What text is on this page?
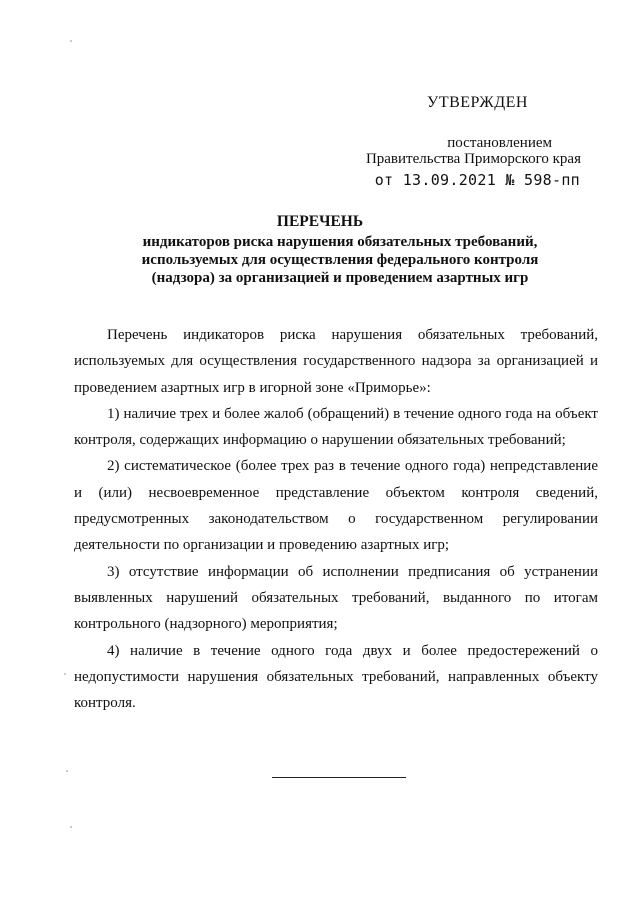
УТВЕРЖДЕН
постановлением
Правительства Приморского края
от 13.09.2021 № 598-пп
ПЕРЕЧЕНЬ
индикаторов риска нарушения обязательных требований, используемых для осуществления федерального контроля (надзора) за организацией и проведением азартных игр

Перечень индикаторов риска нарушения обязательных требований, используемых для осуществления государственного надзора за организацией и проведением азартных игр в игорной зоне «Приморье»:

1) наличие трех и более жалоб (обращений) в течение одного года на объект контроля, содержащих информацию о нарушении обязательных требований;

2) систематическое (более трех раз в течение одного года) непредставление и (или) несвоевременное представление объектом контроля сведений, предусмотренных законодательством о государственном регулировании деятельности по организации и проведению азартных игр;

3) отсутствие информации об исполнении предписания об устранении выявленных нарушений обязательных требований, выданного по итогам контрольного (надзорного) мероприятия;

4) наличие в течение одного года двух и более предостережений о недопустимости нарушения обязательных требований, направленных объекту контроля.
